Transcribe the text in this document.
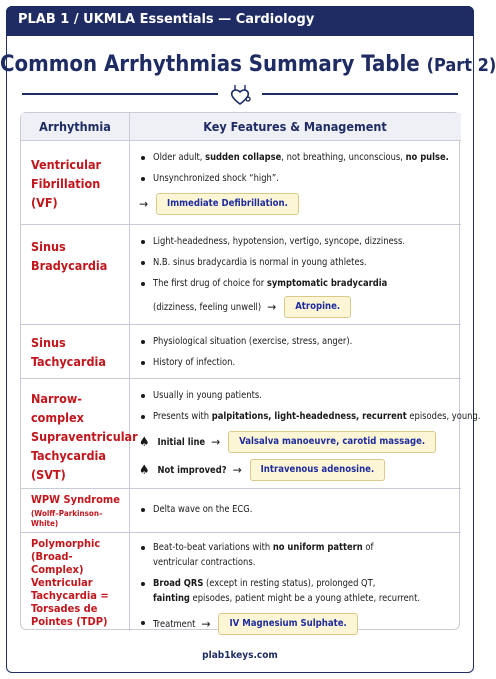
PLAB 1 / UKMLA Essentials — Cardiology
Common Arrhythmias Summary Table (Part 2)
Arrhythmia	Key Features & Management
Ventricular Fibrillation (VF)
Older adult, sudden collapse, not breathing, unconscious, no pulse.
Unsynchronized shock “high”.
→	Immediate Defibrillation.
Sinus Bradycardia
Light-headedness, hypotension, vertigo, syncope, dizziness.
N.B. sinus bradycardia is normal in young athletes.
The first drug of choice for symptomatic bradycardia
(dizziness, feeling unwell) →	Atropine.
Sinus Tachycardia
Physiological situation (exercise, stress, anger).
History of infection.
Narrow-complex Supraventricular Tachycardia (SVT)
Usually in young patients.
Presents with palpitations, light-headedness, recurrent episodes, young.
♠ Initial line →	Valsalva manoeuvre, carotid massage.
♠ Not improved? →	Intravenous adenosine.
WPW Syndrome
(Wolff–Parkinson–White)
Delta wave on the ECG.
Polymorphic (Broad-Complex) Ventricular Tachycardia = Torsades de Pointes (TDP)
Beat-to-beat variations with no uniform pattern of
ventricular contractions.
Broad QRS (except in resting status), prolonged QT,
fainting episodes, patient might be a young athlete, recurrent.
Treatment →	IV Magnesium Sulphate.
plab1keys.com
